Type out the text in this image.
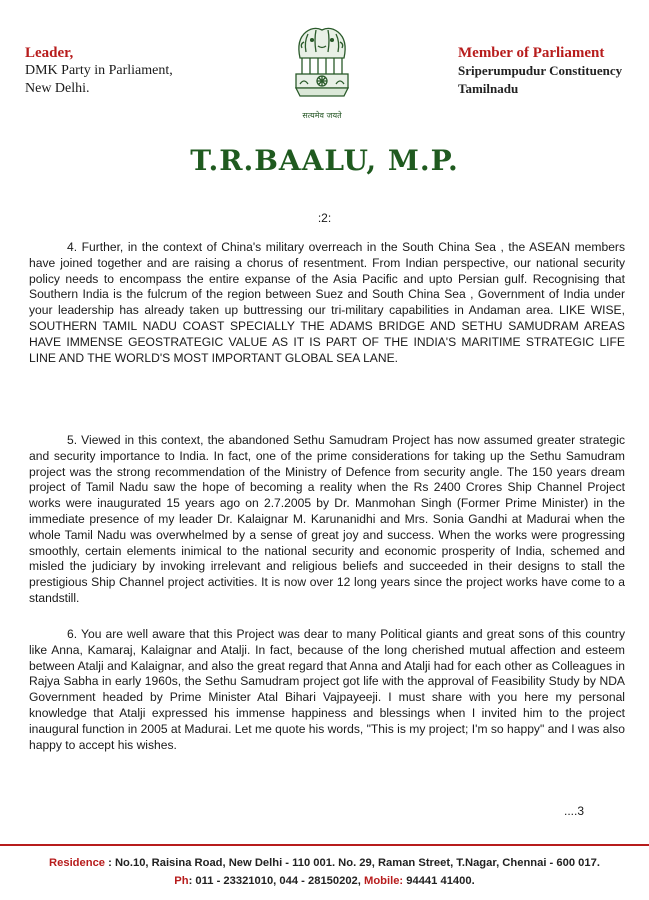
Leader,
DMK Party in Parliament,
New Delhi.
सत्यमेव जयते
Member of Parliament
Sriperumpudur Constituency
Tamilnadu
T.R.BAALU, M.P.
:2:

4. Further, in the context of China's military overreach in the South China Sea , the ASEAN members have joined together and are raising a chorus of resentment. From Indian perspective, our national security policy needs to encompass the entire expanse of the Asia Pacific and upto Persian gulf. Recognising that Southern India is the fulcrum of the region between Suez and South China Sea , Government of India under your leadership has already taken up buttressing our tri-military capabilities in Andaman area. LIKE WISE, SOUTHERN TAMIL NADU COAST SPECIALLY THE ADAMS BRIDGE AND SETHU SAMUDRAM AREAS HAVE IMMENSE GEOSTRATEGIC VALUE AS IT IS PART OF THE INDIA'S MARITIME STRATEGIC LIFE LINE AND THE WORLD'S MOST IMPORTANT GLOBAL SEA LANE.

5. Viewed in this context, the abandoned Sethu Samudram Project has now assumed greater strategic and security importance to India. In fact, one of the prime considerations for taking up the Sethu Samudram project was the strong recommendation of the Ministry of Defence from security angle. The 150 years dream project of Tamil Nadu saw the hope of becoming a reality when the Rs 2400 Crores Ship Channel Project works were inaugurated 15 years ago on 2.7.2005 by Dr. Manmohan Singh (Former Prime Minister) in the immediate presence of my leader Dr. Kalaignar M. Karunanidhi and Mrs. Sonia Gandhi at Madurai when the whole Tamil Nadu was overwhelmed by a sense of great joy and success. When the works were progressing smoothly, certain elements inimical to the national security and economic prosperity of India, schemed and misled the judiciary by invoking irrelevant and religious beliefs and succeeded in their designs to stall the prestigious Ship Channel project activities. It is now over 12 long years since the project works have come to a standstill.

6. You are well aware that this Project was dear to many Political giants and great sons of this country like Anna, Kamaraj, Kalaignar and Atalji. In fact, because of the long cherished mutual affection and esteem between Atalji and Kalaignar, and also the great regard that Anna and Atalji had for each other as Colleagues in Rajya Sabha in early 1960s, the Sethu Samudram project got life with the approval of Feasibility Study by NDA Government headed by Prime Minister Atal Bihari Vajpayeeji. I must share with you here my personal knowledge that Atalji expressed his immense happiness and blessings when I invited him to the project inaugural function in 2005 at Madurai. Let me quote his words, "This is my project; I'm so happy" and I was also happy to accept his wishes.

....3
Residence : No.10, Raisina Road, New Delhi - 110 001. No. 29, Raman Street, T.Nagar, Chennai - 600 017.
Ph: 011 - 23321010, 044 - 28150202, Mobile: 94441 41400.
